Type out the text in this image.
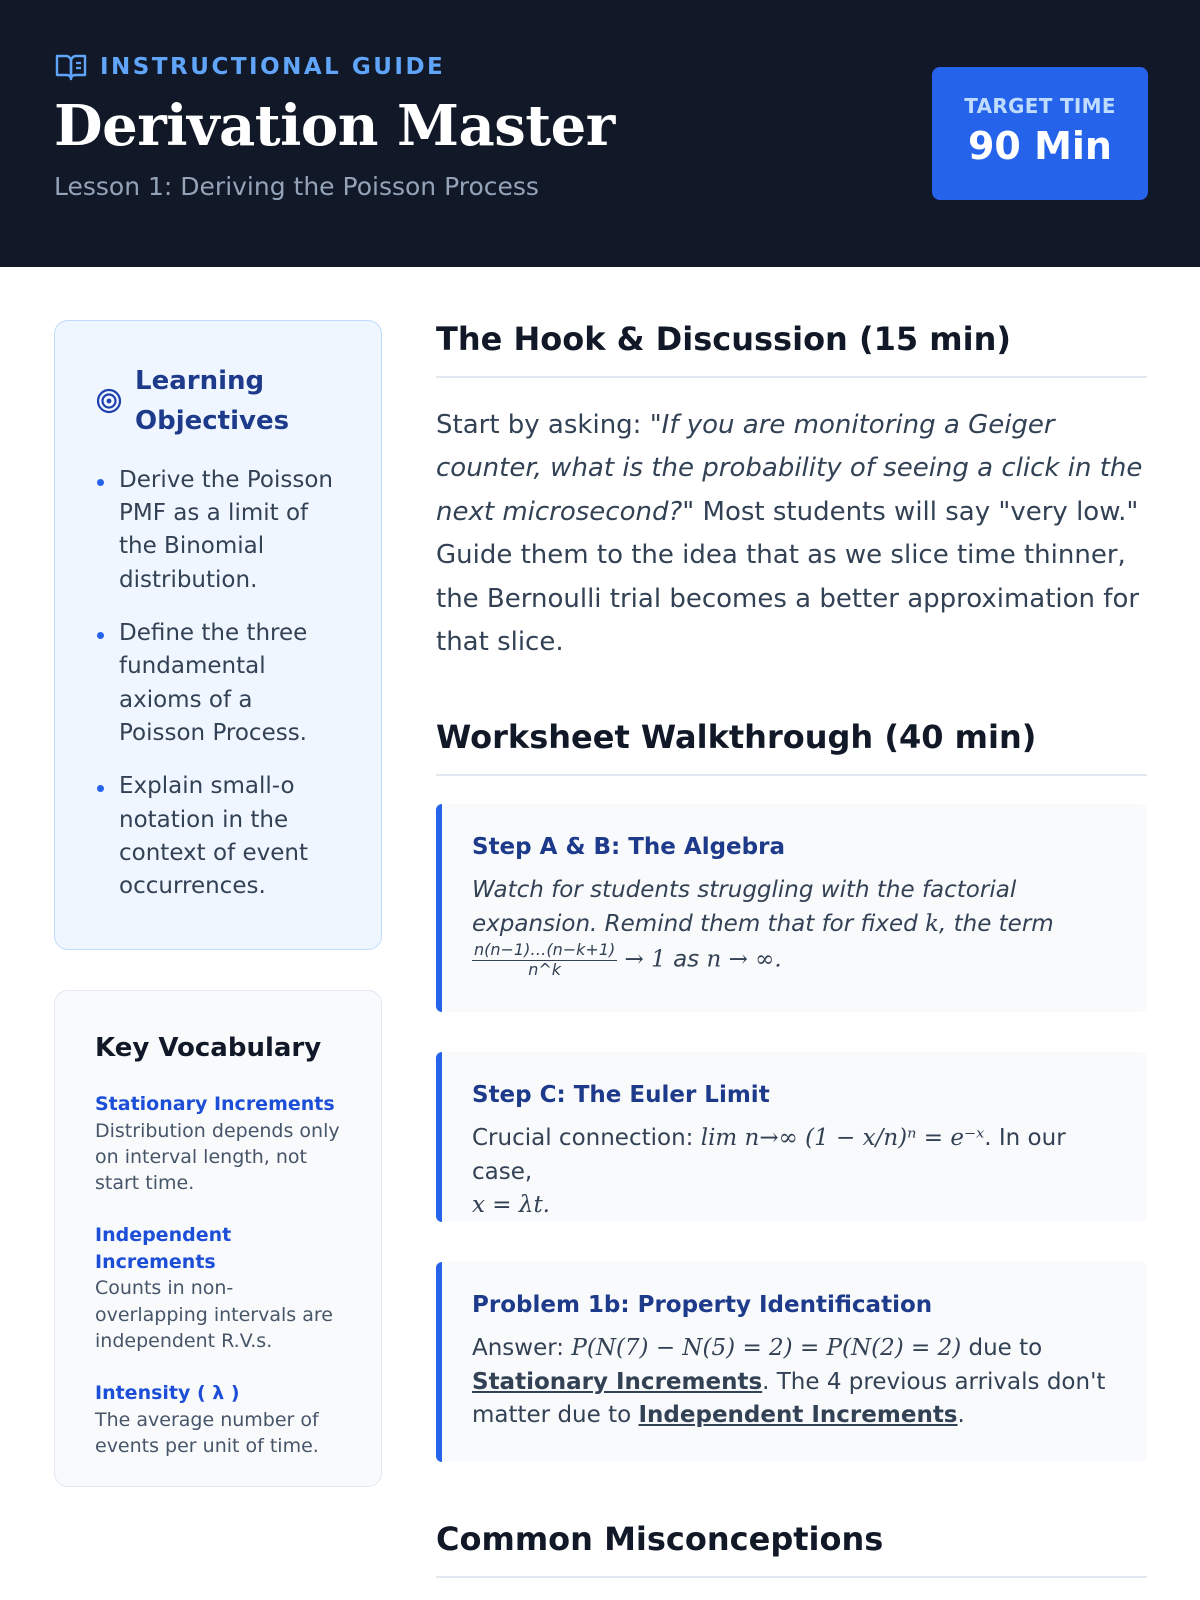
INSTRUCTIONAL GUIDE
Derivation Master
Lesson 1: Deriving the Poisson Process
TARGET TIME
90 Min
Learning Objectives
Derive the Poisson PMF as a limit of the Binomial distribution.
Define the three fundamental axioms of a Poisson Process.
Explain small-o notation in the context of event occurrences.
Key Vocabulary
Stationary Increments
Distribution depends only on interval length, not start time.
Independent Increments
Counts in non-overlapping intervals are independent R.V.s.
Intensity ( λ )
The average number of events per unit of time.
The Hook & Discussion (15 min)

Start by asking: "If you are monitoring a Geiger counter, what is the probability of seeing a click in the next microsecond?" Most students will say "very low." Guide them to the idea that as we slice time thinner, the Bernoulli trial becomes a better approximation for that slice.

Worksheet Walkthrough (40 min)
Step A & B: The Algebra
Watch for students struggling with the factorial expansion. Remind them that for fixed k, the term

$\frac{n(n-1)\dots(n-k+1)}{n\^{}k} \to 1$ as n → ∞.
Step C: The Euler Limit
Crucial connection: lim n→∞ (1 − x/n)ⁿ = e⁻ˣ. In our case,
x = λt.
Problem 1b: Property Identification
Answer: P(N(7) − N(5) = 2) = P(N(2) = 2) due to Stationary Increments. The 4 previous arrivals don't matter due to Independent Increments.
Common Misconceptions
